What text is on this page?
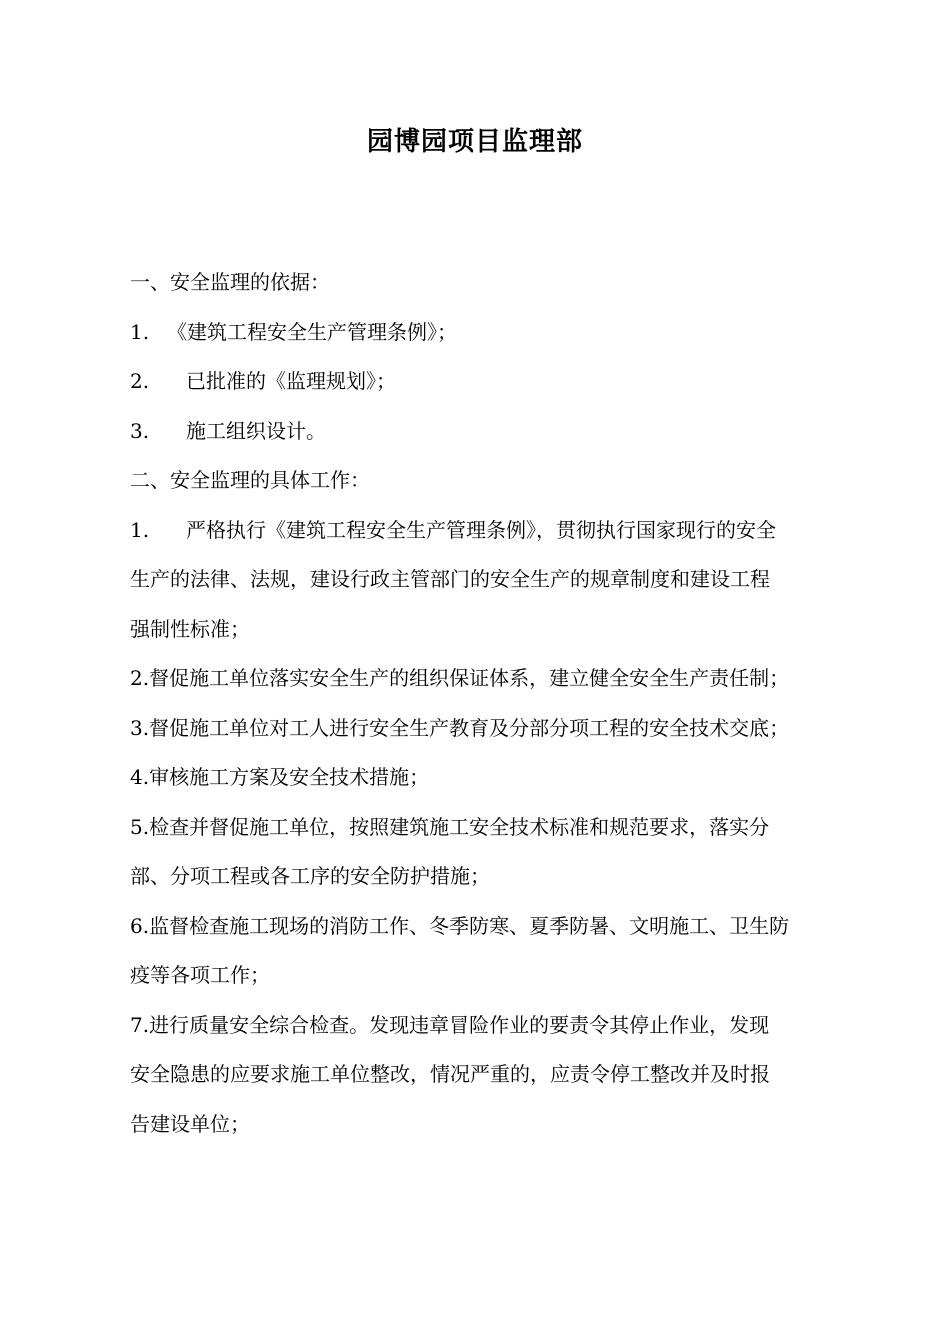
园博园项目监理部
一、安全监理的依据：
1. 《建筑工程安全生产管理条例》；
2. 已批准的《监理规划》；
3. 施工组织设计。
二、安全监理的具体工作：
1. 严格执行《建筑工程安全生产管理条例》，贯彻执行国家现行的安全
生产的法律、法规，建设行政主管部门的安全生产的规章制度和建设工程
强制性标准；
2.督促施工单位落实安全生产的组织保证体系，建立健全安全生产责任制；
3.督促施工单位对工人进行安全生产教育及分部分项工程的安全技术交底；
4.审核施工方案及安全技术措施；
5.检查并督促施工单位，按照建筑施工安全技术标准和规范要求，落实分
部、分项工程或各工序的安全防护措施；
6.监督检查施工现场的消防工作、冬季防寒、夏季防暑、文明施工、卫生防
疫等各项工作；
7.进行质量安全综合检查。发现违章冒险作业的要责令其停止作业，发现
安全隐患的应要求施工单位整改，情况严重的，应责令停工整改并及时报
告建设单位；
